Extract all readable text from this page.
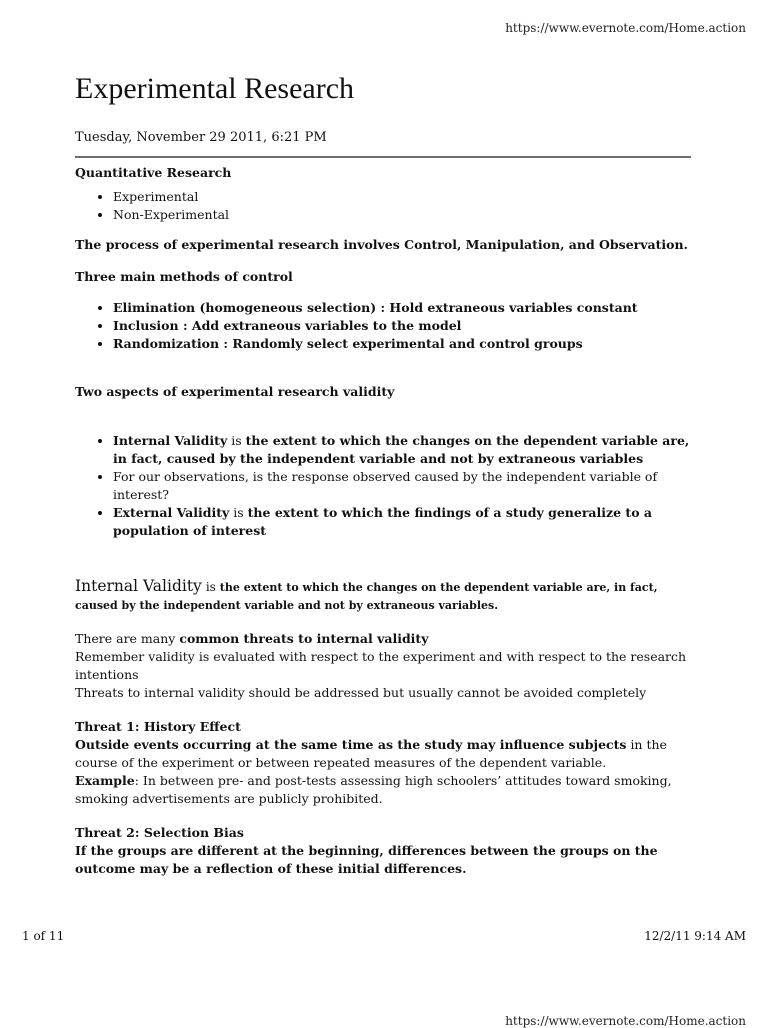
https://www.evernote.com/Home.action
Experimental Research
Tuesday, November 29 2011, 6:21 PM

Quantitative Research

• Experimental
• Non-Experimental

The process of experimental research involves Control, Manipulation, and Observation.

Three main methods of control

• Elimination (homogeneous selection) : Hold extraneous variables constant
• Inclusion : Add extraneous variables to the model
• Randomization : Randomly select experimental and control groups

Two aspects of experimental research validity

• Internal Validity is the extent to which the changes on the dependent variable are, in fact, caused by the independent variable and not by extraneous variables
• For our observations, is the response observed caused by the independent variable of interest?
• External Validity is the extent to which the findings of a study generalize to a population of interest

Internal Validity is the extent to which the changes on the dependent variable are, in fact, caused by the independent variable and not by extraneous variables.

There are many common threats to internal validity

Remember validity is evaluated with respect to the experiment and with respect to the research intentions

Threats to internal validity should be addressed but usually cannot be avoided completely

Threat 1: History Effect

Outside events occurring at the same time as the study may influence subjects in the course of the experiment or between repeated measures of the dependent variable.

Example: In between pre- and post-tests assessing high schoolers’ attitudes toward smoking, smoking advertisements are publicly prohibited.

Threat 2: Selection Bias

If the groups are different at the beginning, differences between the groups on the outcome may be a reflection of these initial differences.

1 of 11	12/2/11 9:14 AM
https://www.evernote.com/Home.action
